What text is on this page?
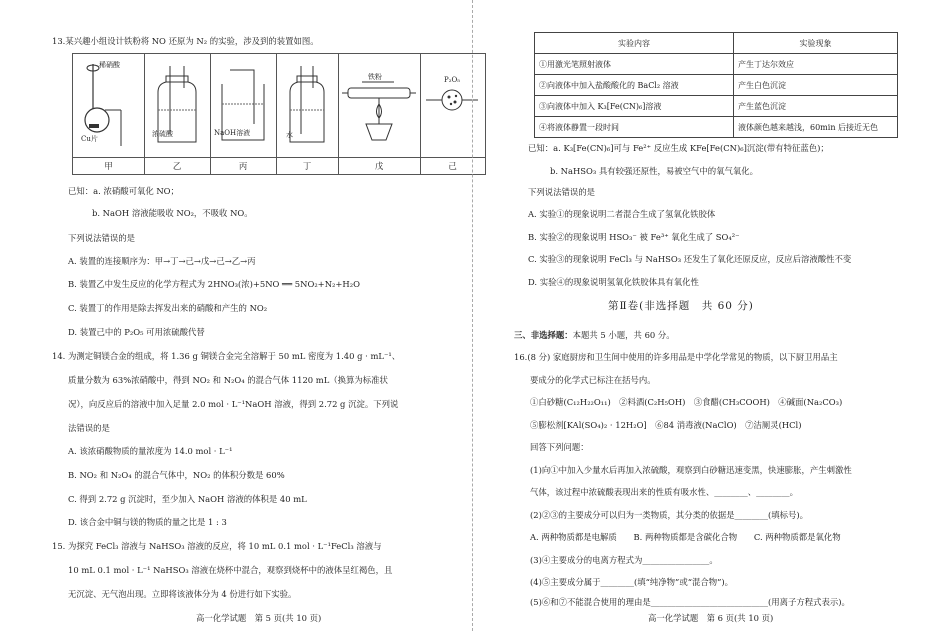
13.某兴趣小组设计铁粉将 NO 还原为 N₂ 的实验，涉及到的装置如图。
稀硝酸
Cu片
甲
浓硫酸
乙
NaOH溶液
丙
水
丁
铁粉
戊
P₂O₅
己
已知：a. 浓硝酸可氧化 NO；
b. NaOH 溶液能吸收 NO₂，不吸收 NO。
下列说法错误的是
A. 装置的连接顺序为：甲→丁→己→戊→己→乙→丙
B. 装置乙中发生反应的化学方程式为 2HNO₃(浓)+5NO ══ 5NO₂+N₂+H₂O
C. 装置丁的作用是除去挥发出来的硝酸和产生的 NO₂
D. 装置己中的 P₂O₅ 可用浓硫酸代替
14. 为测定铜镁合金的组成，将 1.36 g 铜镁合金完全溶解于 50 mL 密度为 1.40 g · mL⁻¹、
质量分数为 63%浓硝酸中，得到 NO₂ 和 N₂O₄ 的混合气体 1120 mL（换算为标准状
况），向反应后的溶液中加入足量 2.0 mol · L⁻¹NaOH 溶液，得到 2.72 g 沉淀。下列说
法错误的是
A. 该浓硝酸物质的量浓度为 14.0 mol · L⁻¹
B. NO₂ 和 N₂O₄ 的混合气体中，NO₂ 的体积分数是 60%
C. 得到 2.72 g 沉淀时，至少加入 NaOH 溶液的体积是 40 mL
D. 该合金中铜与镁的物质的量之比是 1 : 3
15. 为探究 FeCl₃ 溶液与 NaHSO₃ 溶液的反应，将 10 mL 0.1 mol · L⁻¹FeCl₃ 溶液与
10 mL 0.1 mol · L⁻¹ NaHSO₃ 溶液在烧杯中混合，观察到烧杯中的液体呈红褐色，且
无沉淀、无气泡出现。立即将该液体分为 4 份进行如下实验。
高一化学试题　第 5 页(共 10 页)
实验内容	实验现象
①用激光笔照射液体	产生丁达尔效应
②向液体中加入盐酸酸化的 BaCl₂ 溶液	产生白色沉淀
③向液体中加入 K₃[Fe(CN)₆]溶液	产生蓝色沉淀
④将液体静置一段时间	液体颜色越来越浅，60min 后接近无色
已知：a. K₃[Fe(CN)₆]可与 Fe²⁺ 反应生成 KFe[Fe(CN)₆]沉淀(带有特征蓝色)；
b. NaHSO₃ 具有较强还原性，易被空气中的氧气氧化。
下列说法错误的是
A. 实验①的现象说明二者混合生成了氢氧化铁胶体
B. 实验②的现象说明 HSO₃⁻ 被 Fe³⁺ 氧化生成了 SO₄²⁻
C. 实验③的现象说明 FeCl₃ 与 NaHSO₃ 还发生了氧化还原反应，反应后溶液酸性不变
D. 实验④的现象说明氢氧化铁胶体具有氧化性
第Ⅱ卷(非选择题　共 60 分)
三、非选择题：本题共 5 小题，共 60 分。
16.(8 分) 家庭厨房和卫生间中使用的许多用品是中学化学常见的物质，以下厨卫用品主
要成分的化学式已标注在括号内。
①白砂糖(C₁₂H₂₂O₁₁)　②料酒(C₂H₅OH)　③食醋(CH₃COOH)　④碱面(Na₂CO₃)
⑤膨松剂[KAl(SO₄)₂ · 12H₂O]　⑥84 消毒液(NaClO)　⑦洁厕灵(HCl)
回答下列问题：
(1)向①中加入少量水后再加入浓硫酸，观察到白砂糖迅速变黑，快速膨胀，产生刺激性
气体，该过程中浓硫酸表现出来的性质有吸水性、________、________。
(2)②③的主要成分可以归为一类物质，其分类的依据是________(填标号)。
A. 两种物质都是电解质　　B. 两种物质都是含碳化合物　　C. 两种物质都是氧化物
(3)④主要成分的电离方程式为________________。
(4)⑤主要成分属于________(填“纯净物”或“混合物”)。
(5)⑥和⑦不能混合使用的理由是____________________________(用离子方程式表示)。
高一化学试题　第 6 页(共 10 页)
